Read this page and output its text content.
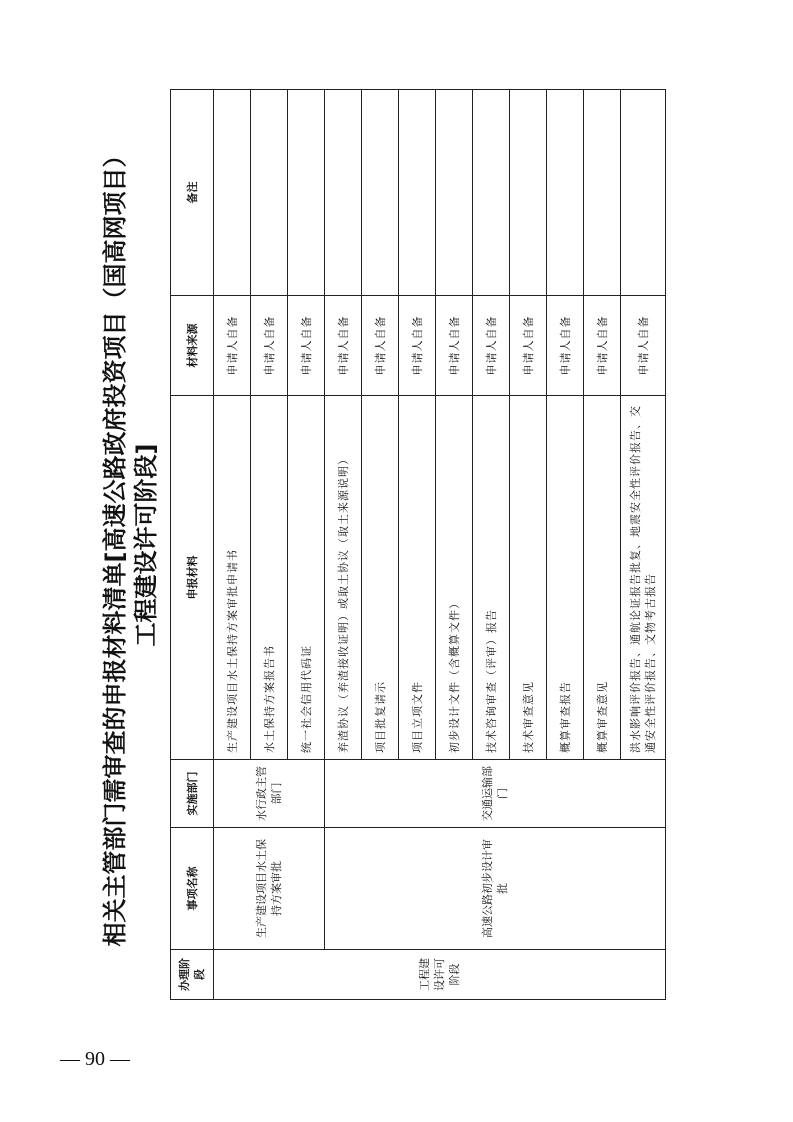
— 90 —
相关主管部门需审查的申报材料清单[高速公路政府投资项目（国高网项目） 工程建设许可阶段]
办理阶段	事项名称	实施部门	申报材料	材料来源	备注
工程建设许可阶段	生产建设项目水土保持方案审批	水行政主管部门	生产建设项目水土保持方案审批申请书	申请人自备	
			水土保持方案报告书	申请人自备	
			统一社会信用代码证	申请人自备	
	高速公路初步设计审批	交通运输部门	弃渣协议（弃渣接收证明）或取土协议（取土来源说明）	申请人自备	
			项目批复请示	申请人自备	
			项目立项文件	申请人自备	
			初步设计文件（含概算文件）	申请人自备	
			技术咨询审查（评审）报告	申请人自备	
			技术审查意见	申请人自备	
			概算审查报告	申请人自备	
			概算审查意见	申请人自备	
			洪水影响评价报告、通航论证报告批复、地震安全性评价报告、交通安全性评价报告、文物考古报告	申请人自备	
